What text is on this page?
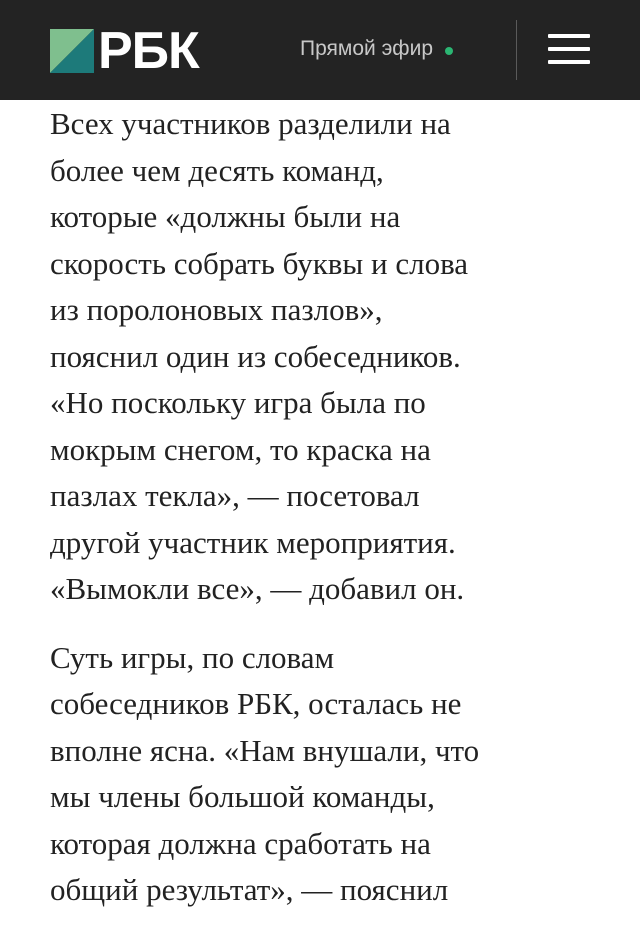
РБК	Прямой эфир

Всех участников разделили на
более чем десять команд,
которые «должны были на
скорость собрать буквы и слова
из поролоновых пазлов»,
пояснил один из собеседников.
«Но поскольку игра была по
мокрым снегом, то краска на
пазлах текла», — посетовал
другой участник мероприятия.
«Вымокли все», — добавил он.

Суть игры, по словам
собеседников РБК, осталась не
вполне ясна. «Нам внушали, что
мы члены большой команды,
которая должна сработать на
общий результат», — пояснил
